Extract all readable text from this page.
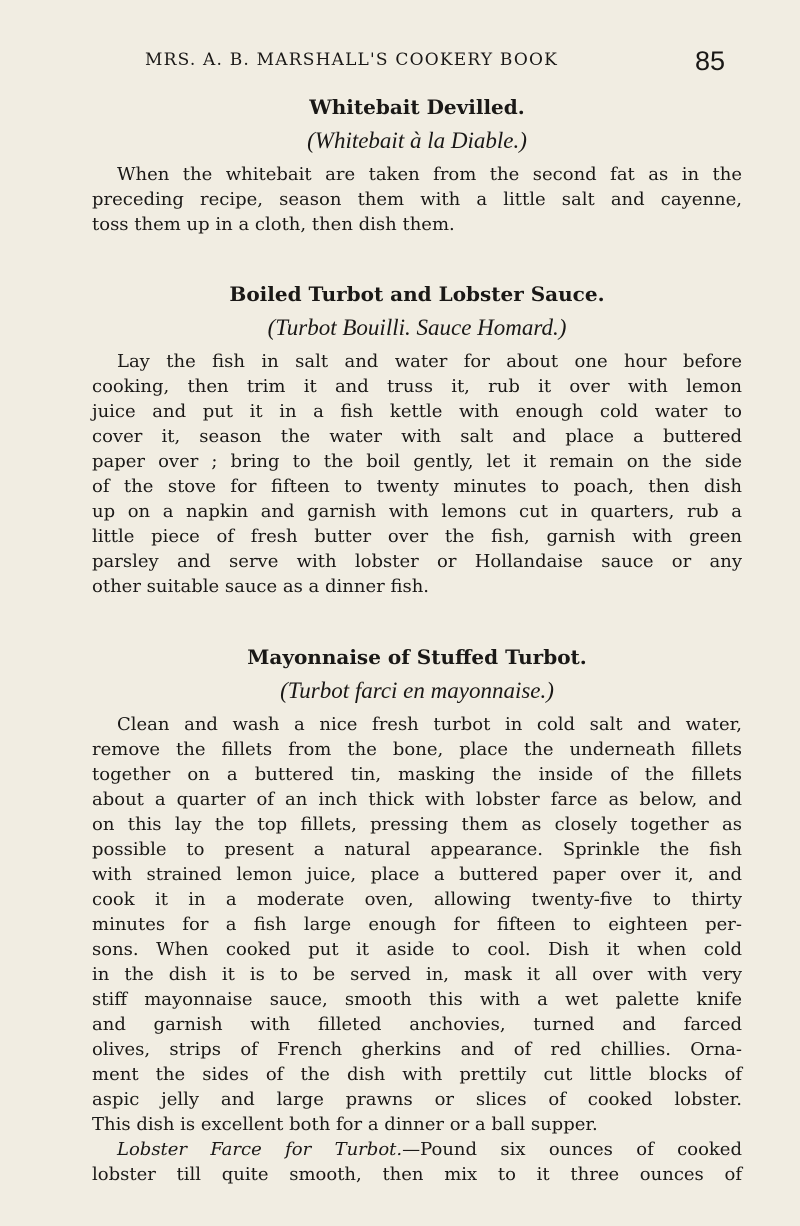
MRS. A. B. MARSHALL'S COOKERY BOOK	85
Whitebait Devilled.
(Whitebait à la Diable.)
When the whitebait are taken from the second fat as in the
preceding recipe, season them with a little salt and cayenne,
toss them up in a cloth, then dish them.
Boiled Turbot and Lobster Sauce.
(Turbot Bouilli. Sauce Homard.)
Lay the fish in salt and water for about one hour before
cooking, then trim it and truss it, rub it over with lemon
juice and put it in a fish kettle with enough cold water to
cover it, season the water with salt and place a buttered
paper over ; bring to the boil gently, let it remain on the side
of the stove for fifteen to twenty minutes to poach, then dish
up on a napkin and garnish with lemons cut in quarters, rub a
little piece of fresh butter over the fish, garnish with green
parsley and serve with lobster or Hollandaise sauce or any
other suitable sauce as a dinner fish.
Mayonnaise of Stuffed Turbot.
(Turbot farci en mayonnaise.)
Clean and wash a nice fresh turbot in cold salt and water,
remove the fillets from the bone, place the underneath fillets
together on a buttered tin, masking the inside of the fillets
about a quarter of an inch thick with lobster farce as below, and
on this lay the top fillets, pressing them as closely together as
possible to present a natural appearance. Sprinkle the fish
with strained lemon juice, place a buttered paper over it, and
cook it in a moderate oven, allowing twenty-five to thirty
minutes for a fish large enough for fifteen to eighteen per-
sons. When cooked put it aside to cool. Dish it when cold
in the dish it is to be served in, mask it all over with very
stiff mayonnaise sauce, smooth this with a wet palette knife
and garnish with filleted anchovies, turned and farced
olives, strips of French gherkins and of red chillies. Orna-
ment the sides of the dish with prettily cut little blocks of
aspic jelly and large prawns or slices of cooked lobster.
This dish is excellent both for a dinner or a ball supper.
Lobster Farce for Turbot.—Pound six ounces of cooked
lobster till quite smooth, then mix to it three ounces of
